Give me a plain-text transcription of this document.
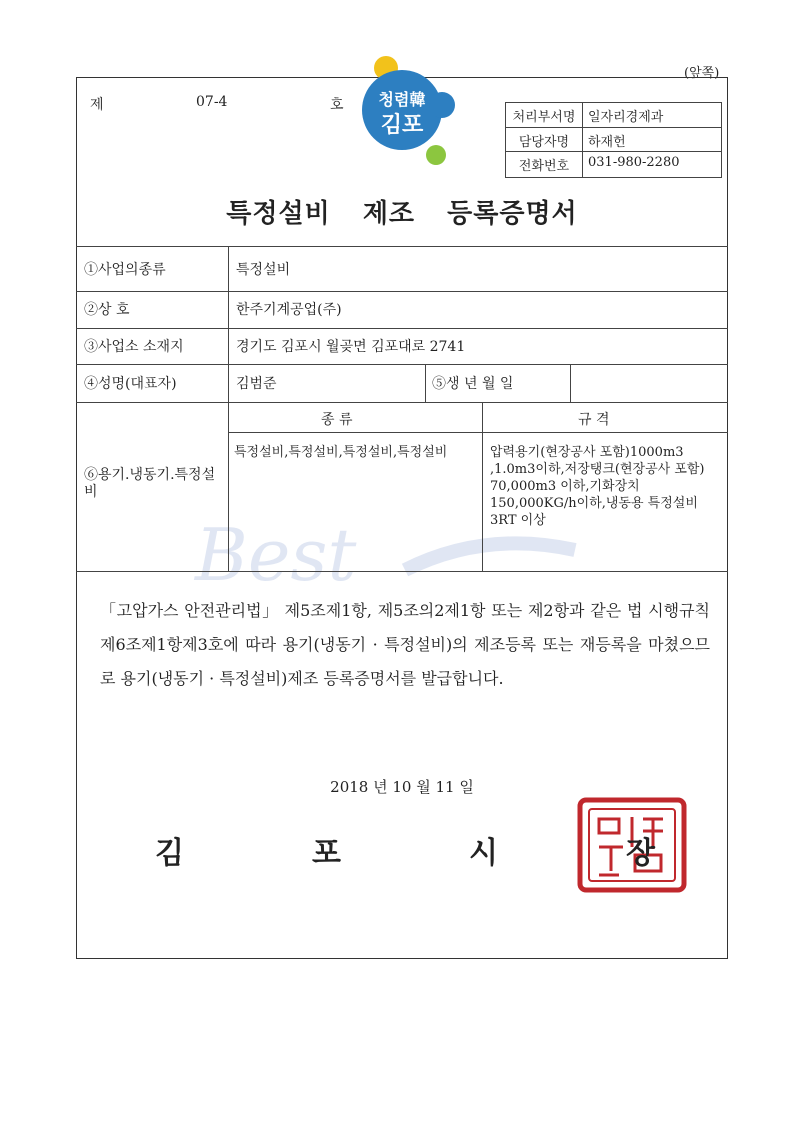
(앞쪽)
Best
제	07-4	호 청렴韓
김포	처리부서명 일자리경제과
담당자명	하재헌
전화번호	031-980-2280
특정설비 제조 등록증명서
①사업의종류	특정설비
②상 호	한주기계공업(주)
③사업소 소재지	경기도 김포시 월곶면 김포대로 2741
④성명(대표자)	김범준	⑤생 년 월 일
종 류	규 격
⑥용기.냉동기.특정설비
특정설비,특정설비,특정설비,특정설비	압력용기(현장공사 포함)1000m3 ,1.0m3이하,저장탱크(현장공사 포함) 70,000m3 이하,기화장치 150,000KG/h이하,냉동용 특정설비 3RT 이상
「고압가스 안전관리법」 제5조제1항, 제5조의2제1항 또는 제2항과 같은 법 시행규칙 제6조제1항제3호에 따라 용기(냉동기 · 특정설비)의 제조등록 또는 재등록을 마쳤으므로 용기(냉동기 · 특정설비)제조 등록증명서를 발급합니다.
2018 년 10 월 11 일
김	포	시	장
